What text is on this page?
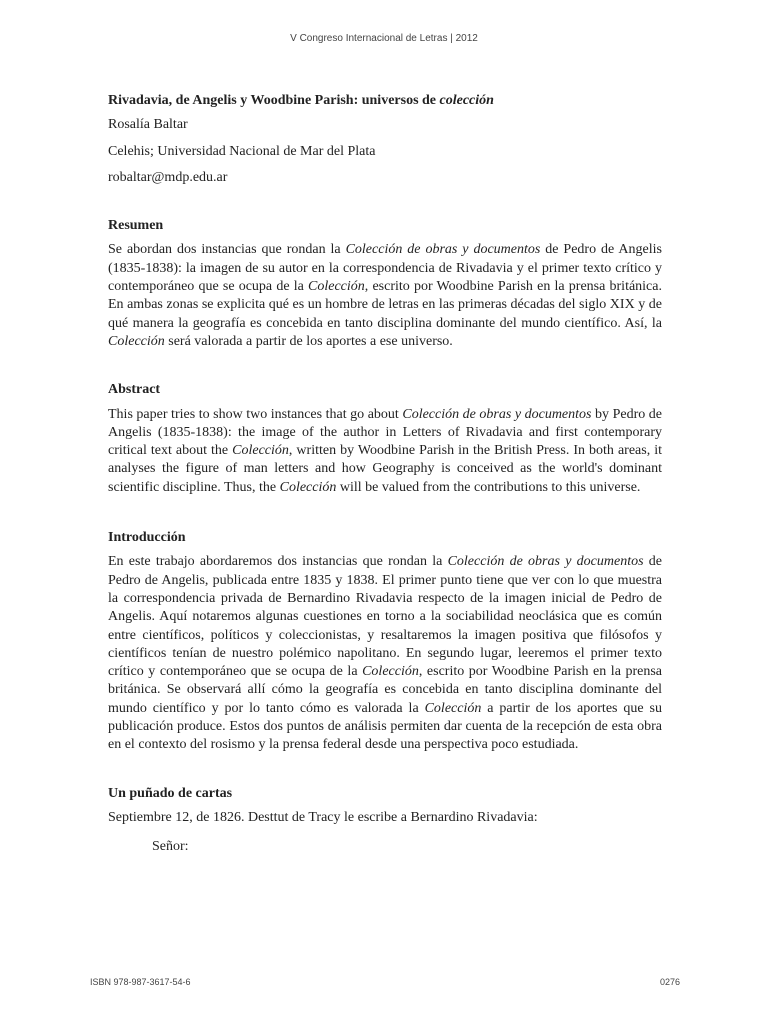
V Congreso Internacional de Letras | 2012
Rivadavia, de Angelis y Woodbine Parish: universos de colección
Rosalía Baltar
Celehis; Universidad Nacional de Mar del Plata
robaltar@mdp.edu.ar
Resumen

Se abordan dos instancias que rondan la Colección de obras y documentos de Pedro de Angelis (1835-1838): la imagen de su autor en la correspondencia de Rivadavia y el primer texto crítico y contemporáneo que se ocupa de la Colección, escrito por Woodbine Parish en la prensa británica. En ambas zonas se explicita qué es un hombre de letras en las primeras décadas del siglo XIX y de qué manera la geografía es concebida en tanto disciplina dominante del mundo científico. Así, la Colección será valorada a partir de los aportes a ese universo.

Abstract

This paper tries to show two instances that go about Colección de obras y documentos by Pedro de Angelis (1835-1838): the image of the author in Letters of Rivadavia and first contemporary critical text about the Colección, written by Woodbine Parish in the British Press. In both areas, it analyses the figure of man letters and how Geography is conceived as the world's dominant scientific discipline. Thus, the Colección will be valued from the contributions to this universe.

Introducción

En este trabajo abordaremos dos instancias que rondan la Colección de obras y documentos de Pedro de Angelis, publicada entre 1835 y 1838. El primer punto tiene que ver con lo que muestra la correspondencia privada de Bernardino Rivadavia respecto de la imagen inicial de Pedro de Angelis. Aquí notaremos algunas cuestiones en torno a la sociabilidad neoclásica que es común entre científicos, políticos y coleccionistas, y resaltaremos la imagen positiva que filósofos y científicos tenían de nuestro polémico napolitano. En segundo lugar, leeremos el primer texto crítico y contemporáneo que se ocupa de la Colección, escrito por Woodbine Parish en la prensa británica. Se observará allí cómo la geografía es concebida en tanto disciplina dominante del mundo científico y por lo tanto cómo es valorada la Colección a partir de los aportes que su publicación produce. Estos dos puntos de análisis permiten dar cuenta de la recepción de esta obra en el contexto del rosismo y la prensa federal desde una perspectiva poco estudiada.

Un puñado de cartas
Septiembre 12, de 1826. Desttut de Tracy le escribe a Bernardino Rivadavia:
Señor:
ISBN 978-987-3617-54-6	0276
